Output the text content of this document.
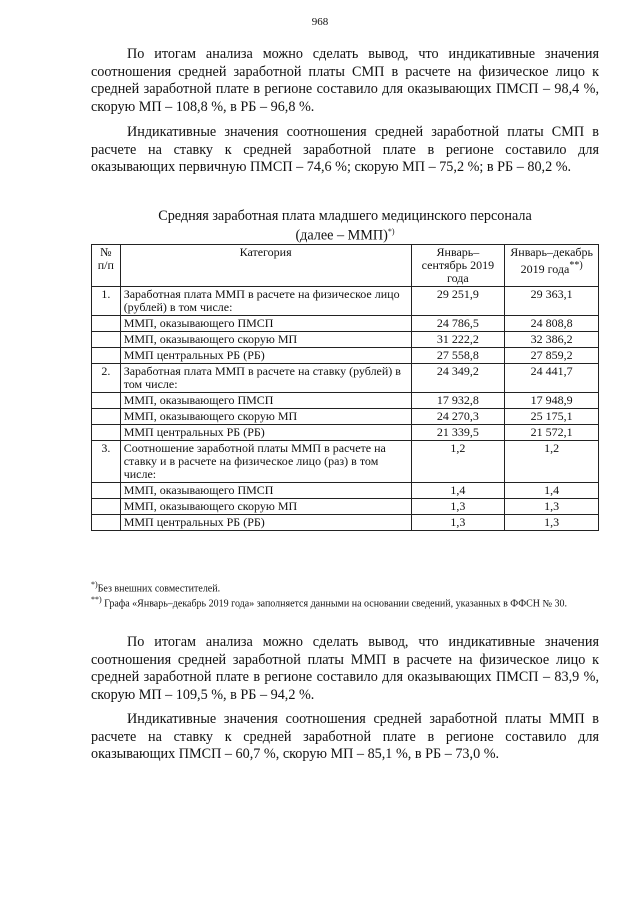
968

По итогам анализа можно сделать вывод, что индикативные значения соотношения средней заработной платы СМП в расчете на физическое лицо к средней заработной плате в регионе составило для оказывающих ПМСП – 98,4 %, скорую МП – 108,8 %, в РБ – 96,8 %.

Индикативные значения соотношения средней заработной платы СМП в расчете на ставку к средней заработной плате в регионе составило для оказывающих первичную ПМСП – 74,6 %; скорую МП – 75,2 %; в РБ – 80,2 %.

Средняя заработная плата младшего медицинского персонала
(далее – ММП)*)
№ п/п	Категория	Январь–сентябрь 2019 года	Январь–декабрь 2019 года**)
1.	Заработная плата ММП в расчете на физическое лицо (рублей) в том числе:	29 251,9	29 363,1
	ММП, оказывающего ПМСП	24 786,5	24 808,8
	ММП, оказывающего скорую МП	31 222,2	32 386,2
	ММП центральных РБ (РБ)	27 558,8	27 859,2
2.	Заработная плата ММП в расчете на ставку (рублей) в том числе:	24 349,2	24 441,7
	ММП, оказывающего ПМСП	17 932,8	17 948,9
	ММП, оказывающего скорую МП	24 270,3	25 175,1
	ММП центральных РБ (РБ)	21 339,5	21 572,1
3.	Соотношение заработной платы ММП в расчете на ставку и в расчете на физическое лицо (раз) в том числе:	1,2	1,2
	ММП, оказывающего ПМСП	1,4	1,4
	ММП, оказывающего скорую МП	1,3	1,3
	ММП центральных РБ (РБ)	1,3	1,3

*)Без внешних совместителей.

**) Графа «Январь–декабрь 2019 года» заполняется данными на основании сведений, указанных в ФФСН № 30.

По итогам анализа можно сделать вывод, что индикативные значения соотношения средней заработной платы ММП в расчете на физическое лицо к средней заработной плате в регионе составило для оказывающих ПМСП – 83,9 %, скорую МП – 109,5 %, в РБ – 94,2 %.

Индикативные значения соотношения средней заработной платы ММП в расчете на ставку к средней заработной плате в регионе составило для оказывающих ПМСП – 60,7 %, скорую МП – 85,1 %, в РБ – 73,0 %.
